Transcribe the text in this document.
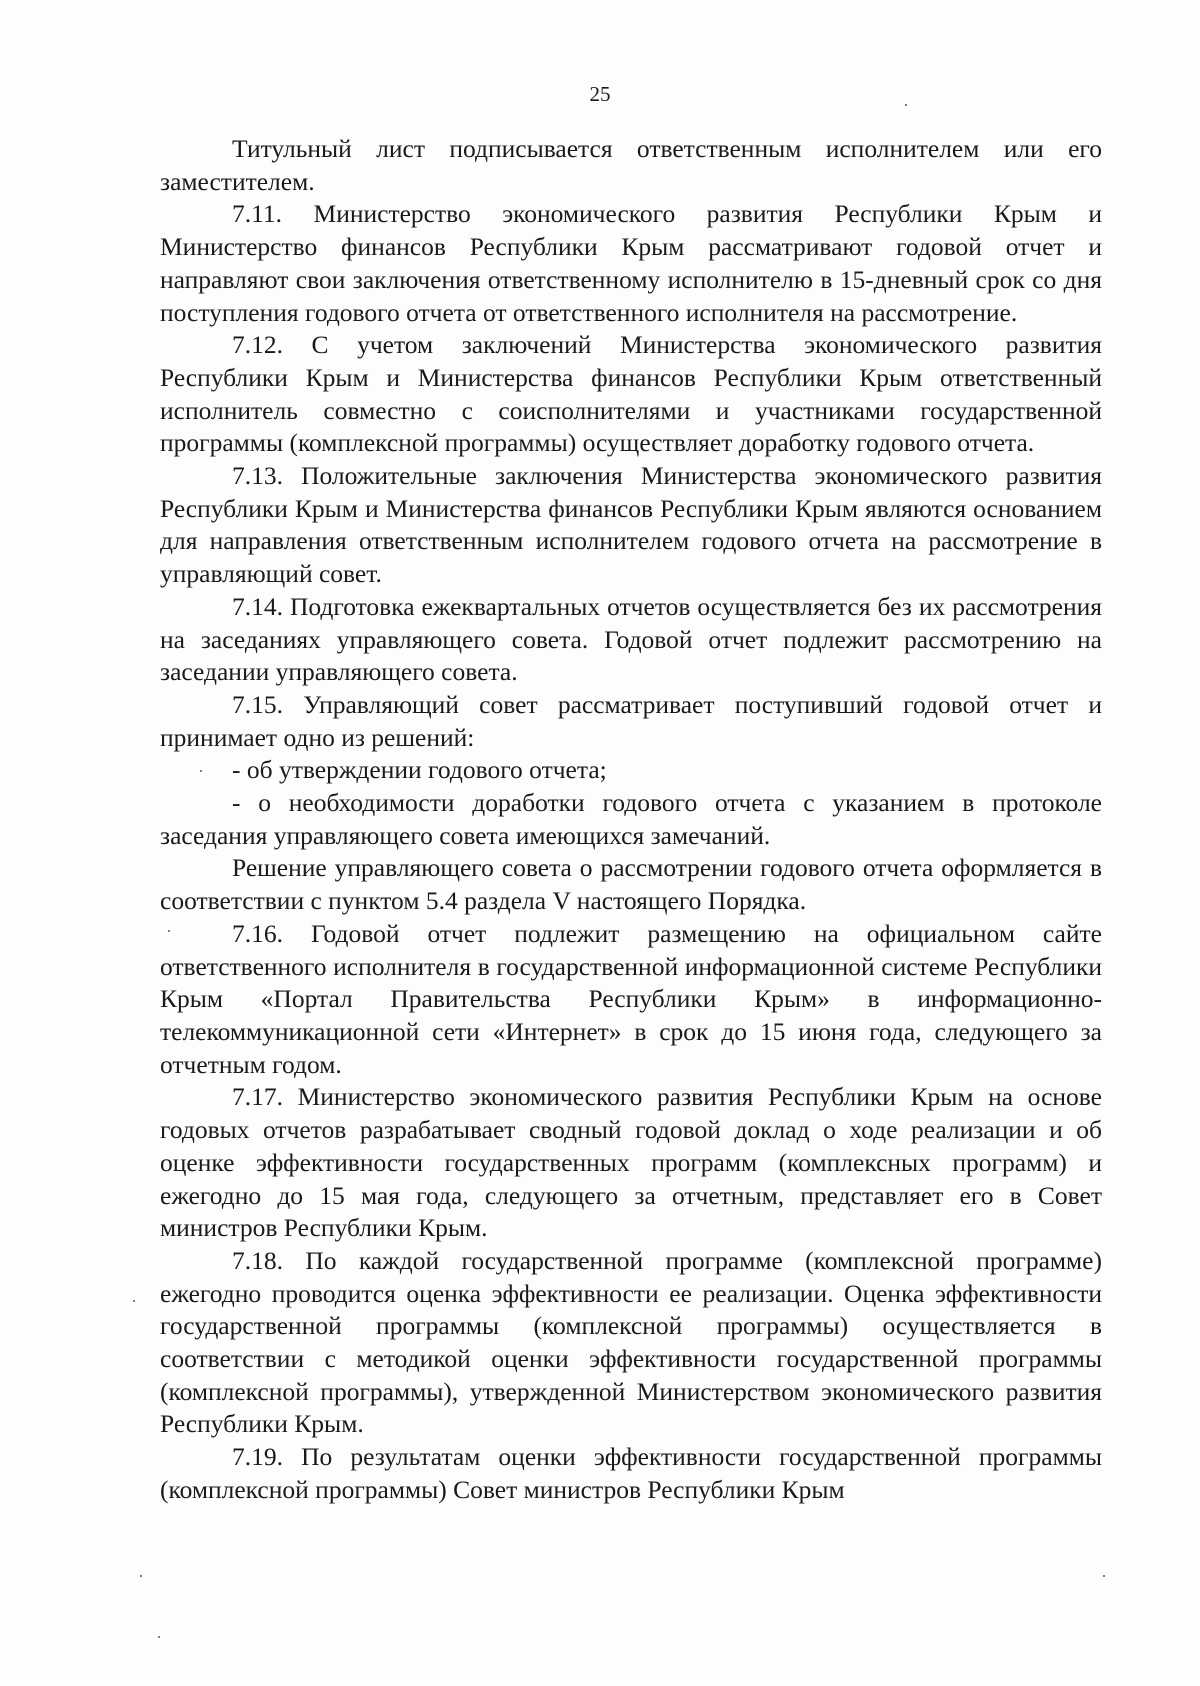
25

Титульный лист подписывается ответственным исполнителем или его заместителем.

7.11. Министерство экономического развития Республики Крым и Министерство финансов Республики Крым рассматривают годовой отчет и направляют свои заключения ответственному исполнителю в 15-дневный срок со дня поступления годового отчета от ответственного исполнителя на рассмотрение.

7.12. С учетом заключений Министерства экономического развития Республики Крым и Министерства финансов Республики Крым ответственный исполнитель совместно с соисполнителями и участниками государственной программы (комплексной программы) осуществляет доработку годового отчета.

7.13. Положительные заключения Министерства экономического развития Республики Крым и Министерства финансов Республики Крым являются основанием для направления ответственным исполнителем годового отчета на рассмотрение в управляющий совет.

7.14. Подготовка ежеквартальных отчетов осуществляется без их рассмотрения на заседаниях управляющего совета. Годовой отчет подлежит рассмотрению на заседании управляющего совета.

7.15. Управляющий совет рассматривает поступивший годовой отчет и принимает одно из решений:

- об утверждении годового отчета;

- о необходимости доработки годового отчета с указанием в протоколе заседания управляющего совета имеющихся замечаний.

Решение управляющего совета о рассмотрении годового отчета оформляется в соответствии с пунктом 5.4 раздела V настоящего Порядка.

7.16. Годовой отчет подлежит размещению на официальном сайте ответственного исполнителя в государственной информационной системе Республики Крым «Портал Правительства Республики Крым» в информационно-телекоммуникационной сети «Интернет» в срок до 15 июня года, следующего за отчетным годом.

7.17. Министерство экономического развития Республики Крым на основе годовых отчетов разрабатывает сводный годовой доклад о ходе реализации и об оценке эффективности государственных программ (комплексных программ) и ежегодно до 15 мая года, следующего за отчетным, представляет его в Совет министров Республики Крым.

7.18. По каждой государственной программе (комплексной программе) ежегодно проводится оценка эффективности ее реализации. Оценка эффективности государственной программы (комплексной программы) осуществляется в соответствии с методикой оценки эффективности государственной программы (комплексной программы), утвержденной Министерством экономического развития Республики Крым.

7.19. По результатам оценки эффективности государственной программы (комплексной программы) Совет министров Республики Крым
